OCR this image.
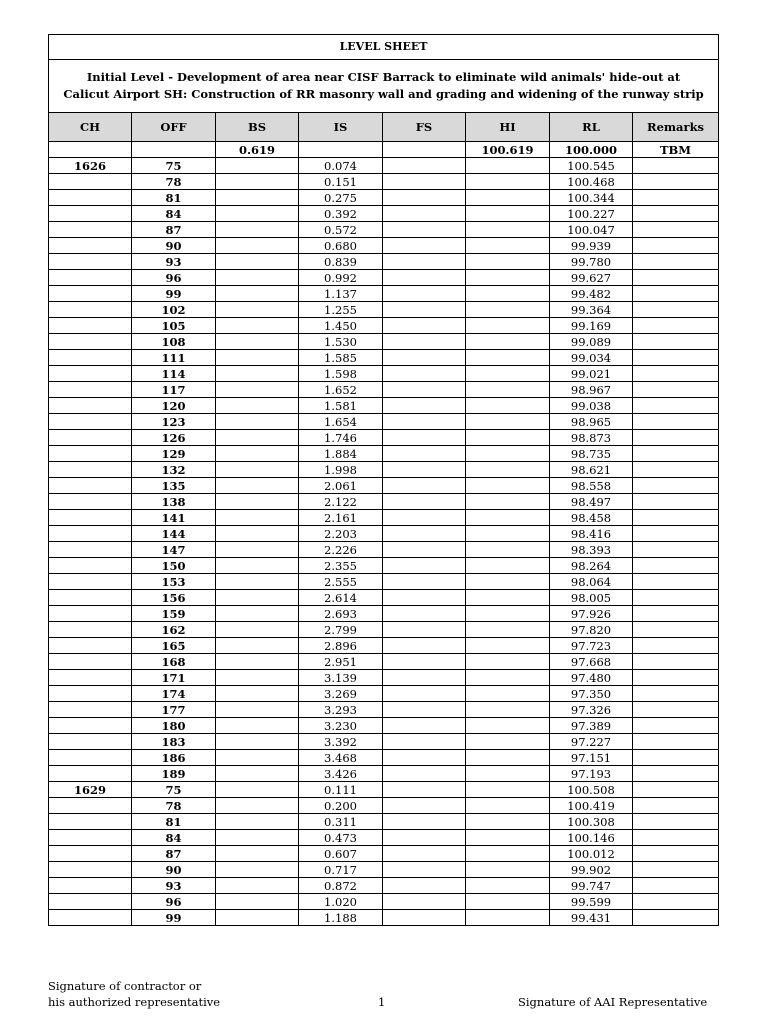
LEVEL SHEET							
Initial Level - Development of area near CISF Barrack to eliminate wild animals' hide-out at
Calicut Airport SH: Construction of RR masonry wall and grading and widening of the runway strip							
CH	OFF	BS	IS	FS	HI	RL	Remarks
		0.619			100.619	100.000	TBM
1626	75		0.074			100.545	
	78		0.151			100.468	
	81		0.275			100.344	
	84		0.392			100.227	
	87		0.572			100.047	
	90		0.680			99.939	
	93		0.839			99.780	
	96		0.992			99.627	
	99		1.137			99.482	
	102		1.255			99.364	
	105		1.450			99.169	
	108		1.530			99.089	
	111		1.585			99.034	
	114		1.598			99.021	
	117		1.652			98.967	
	120		1.581			99.038	
	123		1.654			98.965	
	126		1.746			98.873	
	129		1.884			98.735	
	132		1.998			98.621	
	135		2.061			98.558	
	138		2.122			98.497	
	141		2.161			98.458	
	144		2.203			98.416	
	147		2.226			98.393	
	150		2.355			98.264	
	153		2.555			98.064	
	156		2.614			98.005	
	159		2.693			97.926	
	162		2.799			97.820	
	165		2.896			97.723	
	168		2.951			97.668	
	171		3.139			97.480	
	174		3.269			97.350	
	177		3.293			97.326	
	180		3.230			97.389	
	183		3.392			97.227	
	186		3.468			97.151	
	189		3.426			97.193	
1629	75		0.111			100.508	
	78		0.200			100.419	
	81		0.311			100.308	
	84		0.473			100.146	
	87		0.607			100.012	
	90		0.717			99.902	
	93		0.872			99.747	
	96		1.020			99.599	
	99		1.188			99.431	
Signature of contractor or
his authorized representative
	1
	Signature of AAI Representative
